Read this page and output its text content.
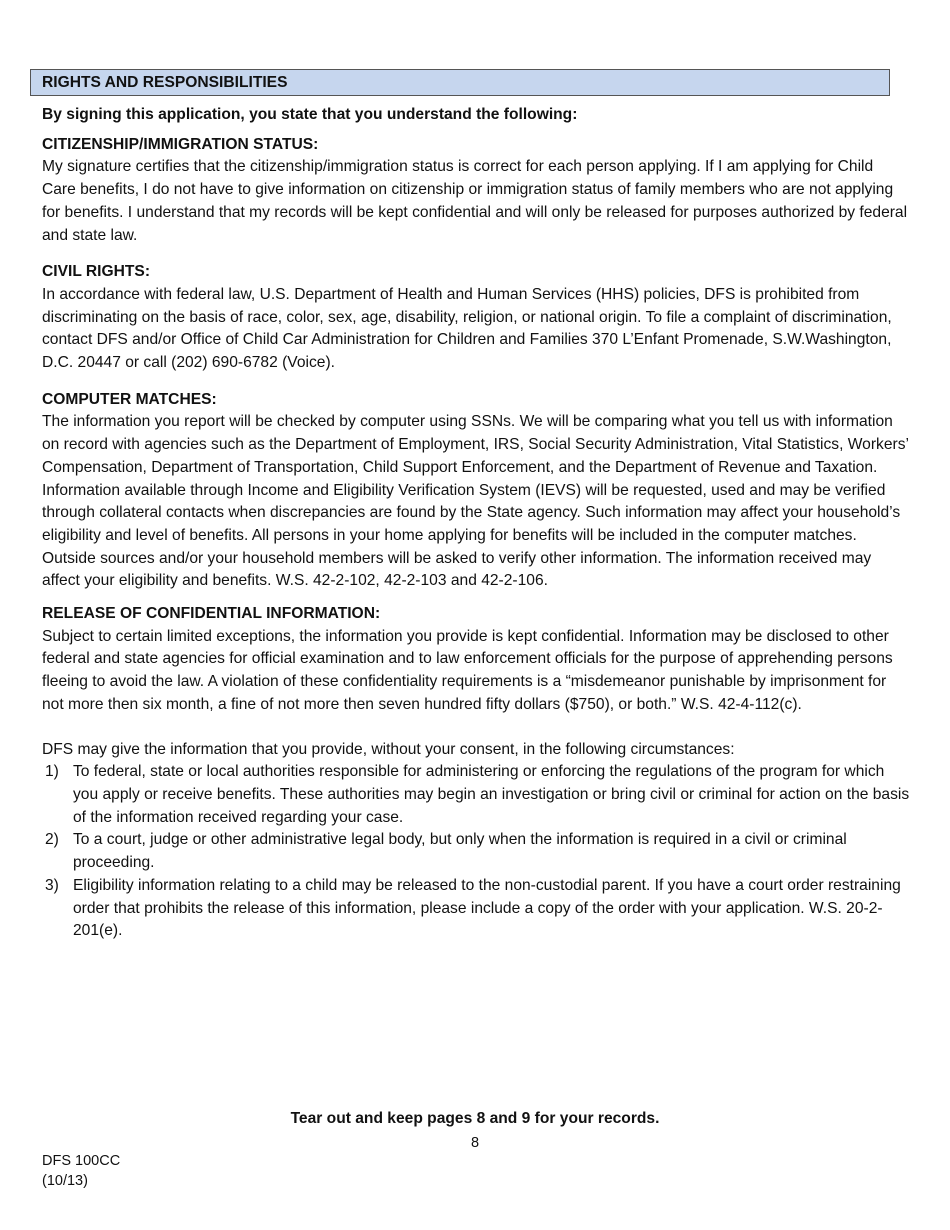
RIGHTS AND RESPONSIBILITIES

By signing this application, you state that you understand the following:

CITIZENSHIP/IMMIGRATION STATUS:

My signature certifies that the citizenship/immigration status is correct for each person applying. If I am applying for Child Care benefits, I do not have to give information on citizenship or immigration status of family members who are not applying for benefits. I understand that my records will be kept confidential and will only be released for purposes authorized by federal and state law.

CIVIL RIGHTS:

In accordance with federal law, U.S. Department of Health and Human Services (HHS) policies, DFS is prohibited from discriminating on the basis of race, color, sex, age, disability, religion, or national origin. To file a complaint of discrimination, contact DFS and/or Office of Child Car Administration for Children and Families 370 L’Enfant Promenade, S.W.Washington, D.C. 20447 or call (202) 690-6782 (Voice).

COMPUTER MATCHES:

The information you report will be checked by computer using SSNs. We will be comparing what you tell us with information on record with agencies such as the Department of Employment, IRS, Social Security Administration, Vital Statistics, Workers’ Compensation, Department of Transportation, Child Support Enforcement, and the Department of Revenue and Taxation. Information available through Income and Eligibility Verification System (IEVS) will be requested, used and may be verified through collateral contacts when discrepancies are found by the State agency. Such information may affect your household’s eligibility and level of benefits. All persons in your home applying for benefits will be included in the computer matches. Outside sources and/or your household members will be asked to verify other information. The information received may affect your eligibility and benefits. W.S. 42-2-102, 42-2-103 and 42-2-106.

RELEASE OF CONFIDENTIAL INFORMATION:

Subject to certain limited exceptions, the information you provide is kept confidential. Information may be disclosed to other federal and state agencies for official examination and to law enforcement officials for the purpose of apprehending persons fleeing to avoid the law. A violation of these confidentiality requirements is a “misdemeanor punishable by imprisonment for not more then six month, a fine of not more then seven hundred fifty dollars ($750), or both.” W.S. 42-4-112(c).

DFS may give the information that you provide, without your consent, in the following circumstances:

1) To federal, state or local authorities responsible for administering or enforcing the regulations of the program for which you apply or receive benefits. These authorities may begin an investigation or bring civil or criminal for action on the basis of the information received regarding your case.
2) To a court, judge or other administrative legal body, but only when the information is required in a civil or criminal proceeding.
3) Eligibility information relating to a child may be released to the non-custodial parent. If you have a court order restraining order that prohibits the release of this information, please include a copy of the order with your application. W.S. 20-2-201(e).
Tear out and keep pages 8 and 9 for your records.
8
DFS 100CC
(10/13)
